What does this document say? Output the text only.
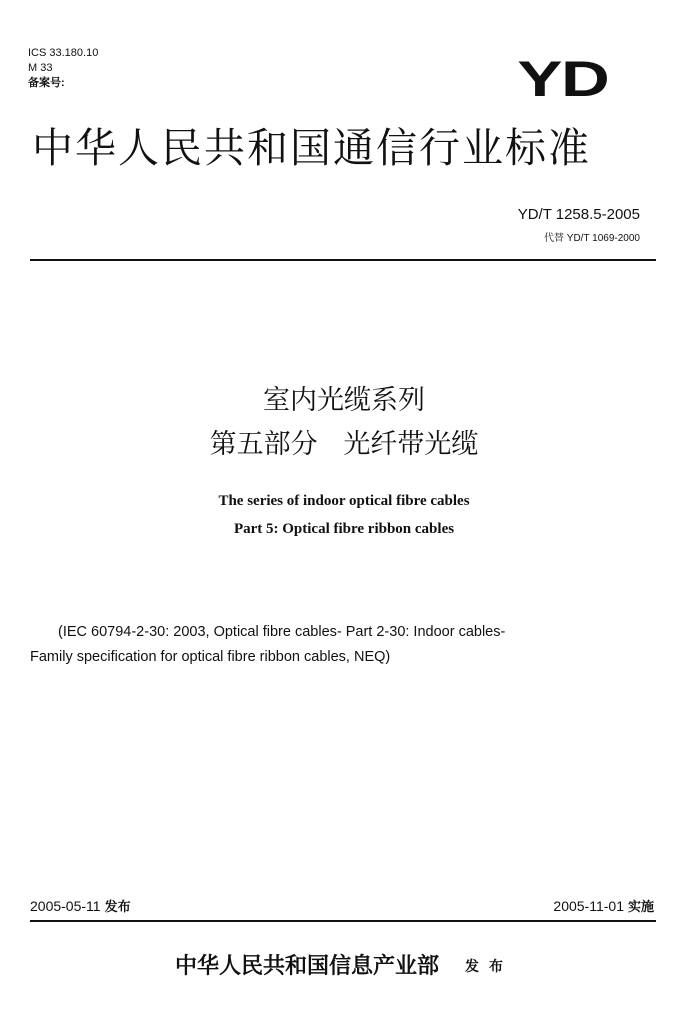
ICS 33.180.10
M 33
备案号:	YD
中华人民共和国通信行业标准
YD/T 1258.5-2005
代替 YD/T 1069-2000
室内光缆系列
第五部分   光纤带光缆
The series of indoor optical fibre cables
Part 5: Optical fibre ribbon cables
(IEC 60794-2-30: 2003, Optical fibre cables- Part 2-30: Indoor cables-
Family specification for optical fibre ribbon cables, NEQ)
2005-05-11 发布	2005-11-01 实施
中华人民共和国信息产业部 发布
